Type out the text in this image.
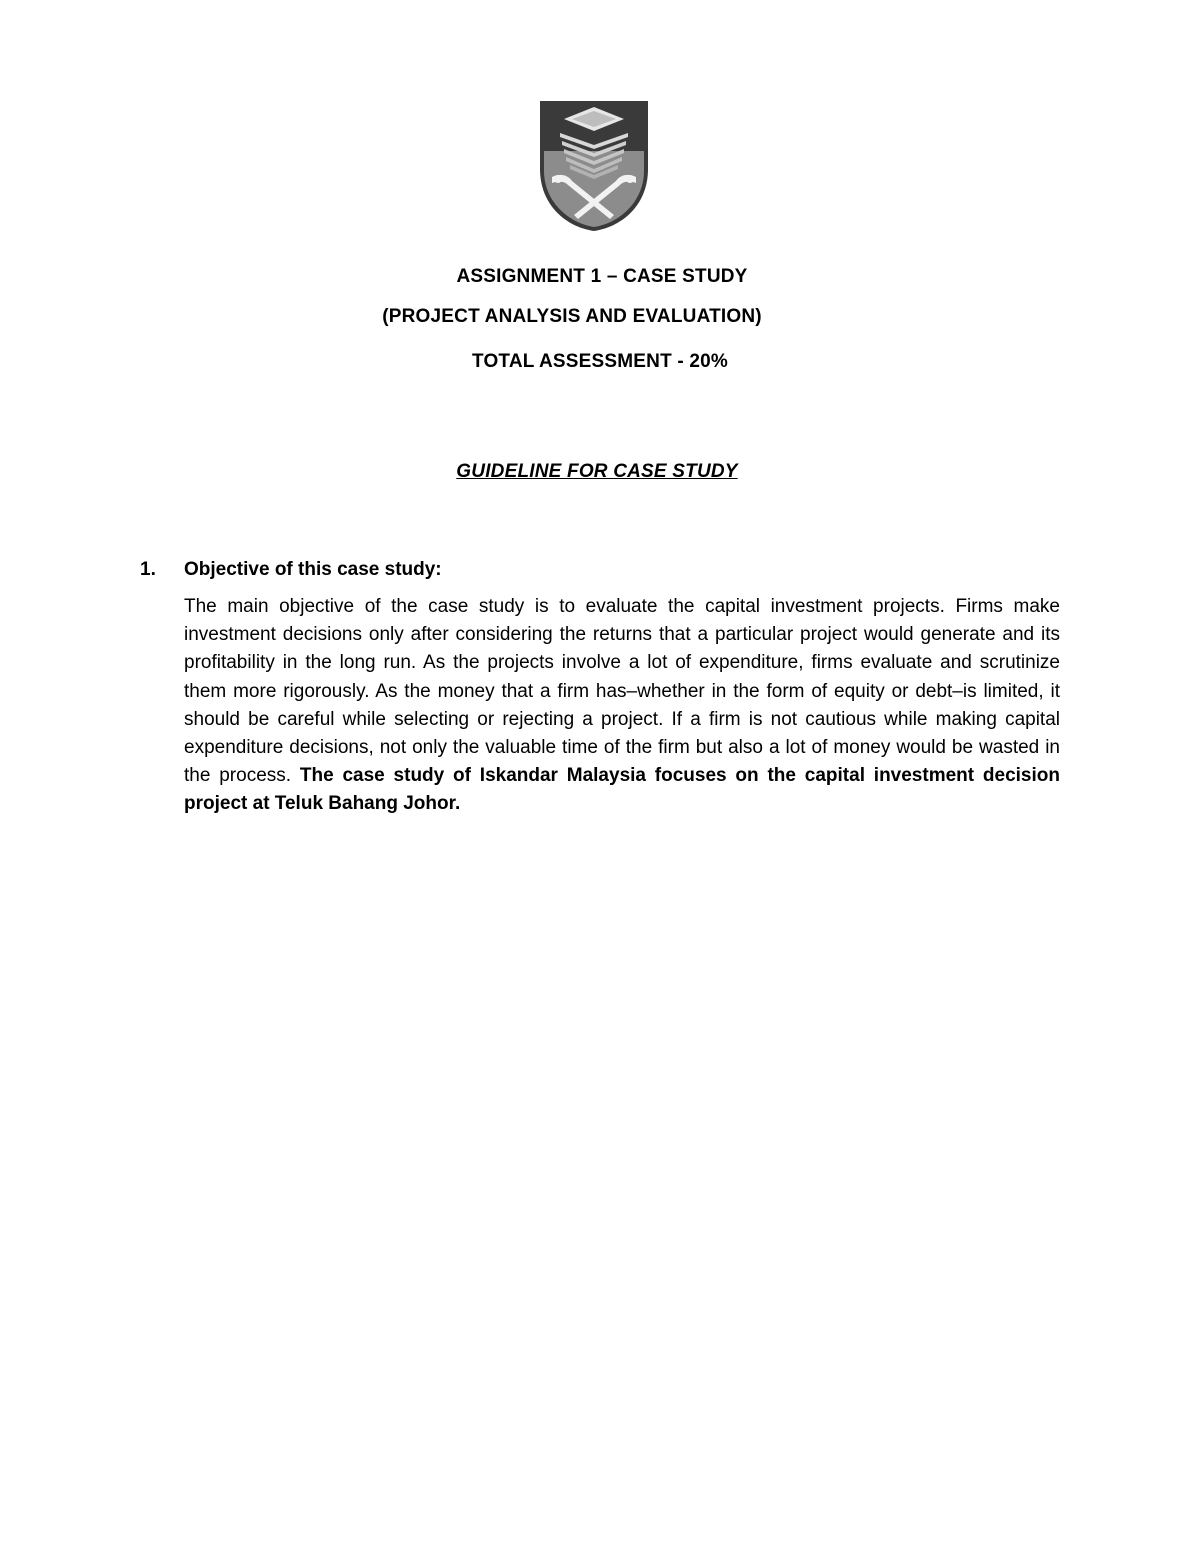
ASSIGNMENT 1 – CASE STUDY
(PROJECT ANALYSIS AND EVALUATION)
TOTAL ASSESSMENT - 20%
GUIDELINE FOR CASE STUDY
1. Objective of this case study:
The main objective of the case study is to evaluate the capital investment projects. Firms make investment decisions only after considering the returns that a particular project would generate and its profitability in the long run. As the projects involve a lot of expenditure, firms evaluate and scrutinize them more rigorously. As the money that a firm has–whether in the form of equity or debt–is limited, it should be careful while selecting or rejecting a project. If a firm is not cautious while making capital expenditure decisions, not only the valuable time of the firm but also a lot of money would be wasted in the process. The case study of Iskandar Malaysia focuses on the capital investment decision project at Teluk Bahang Johor.
